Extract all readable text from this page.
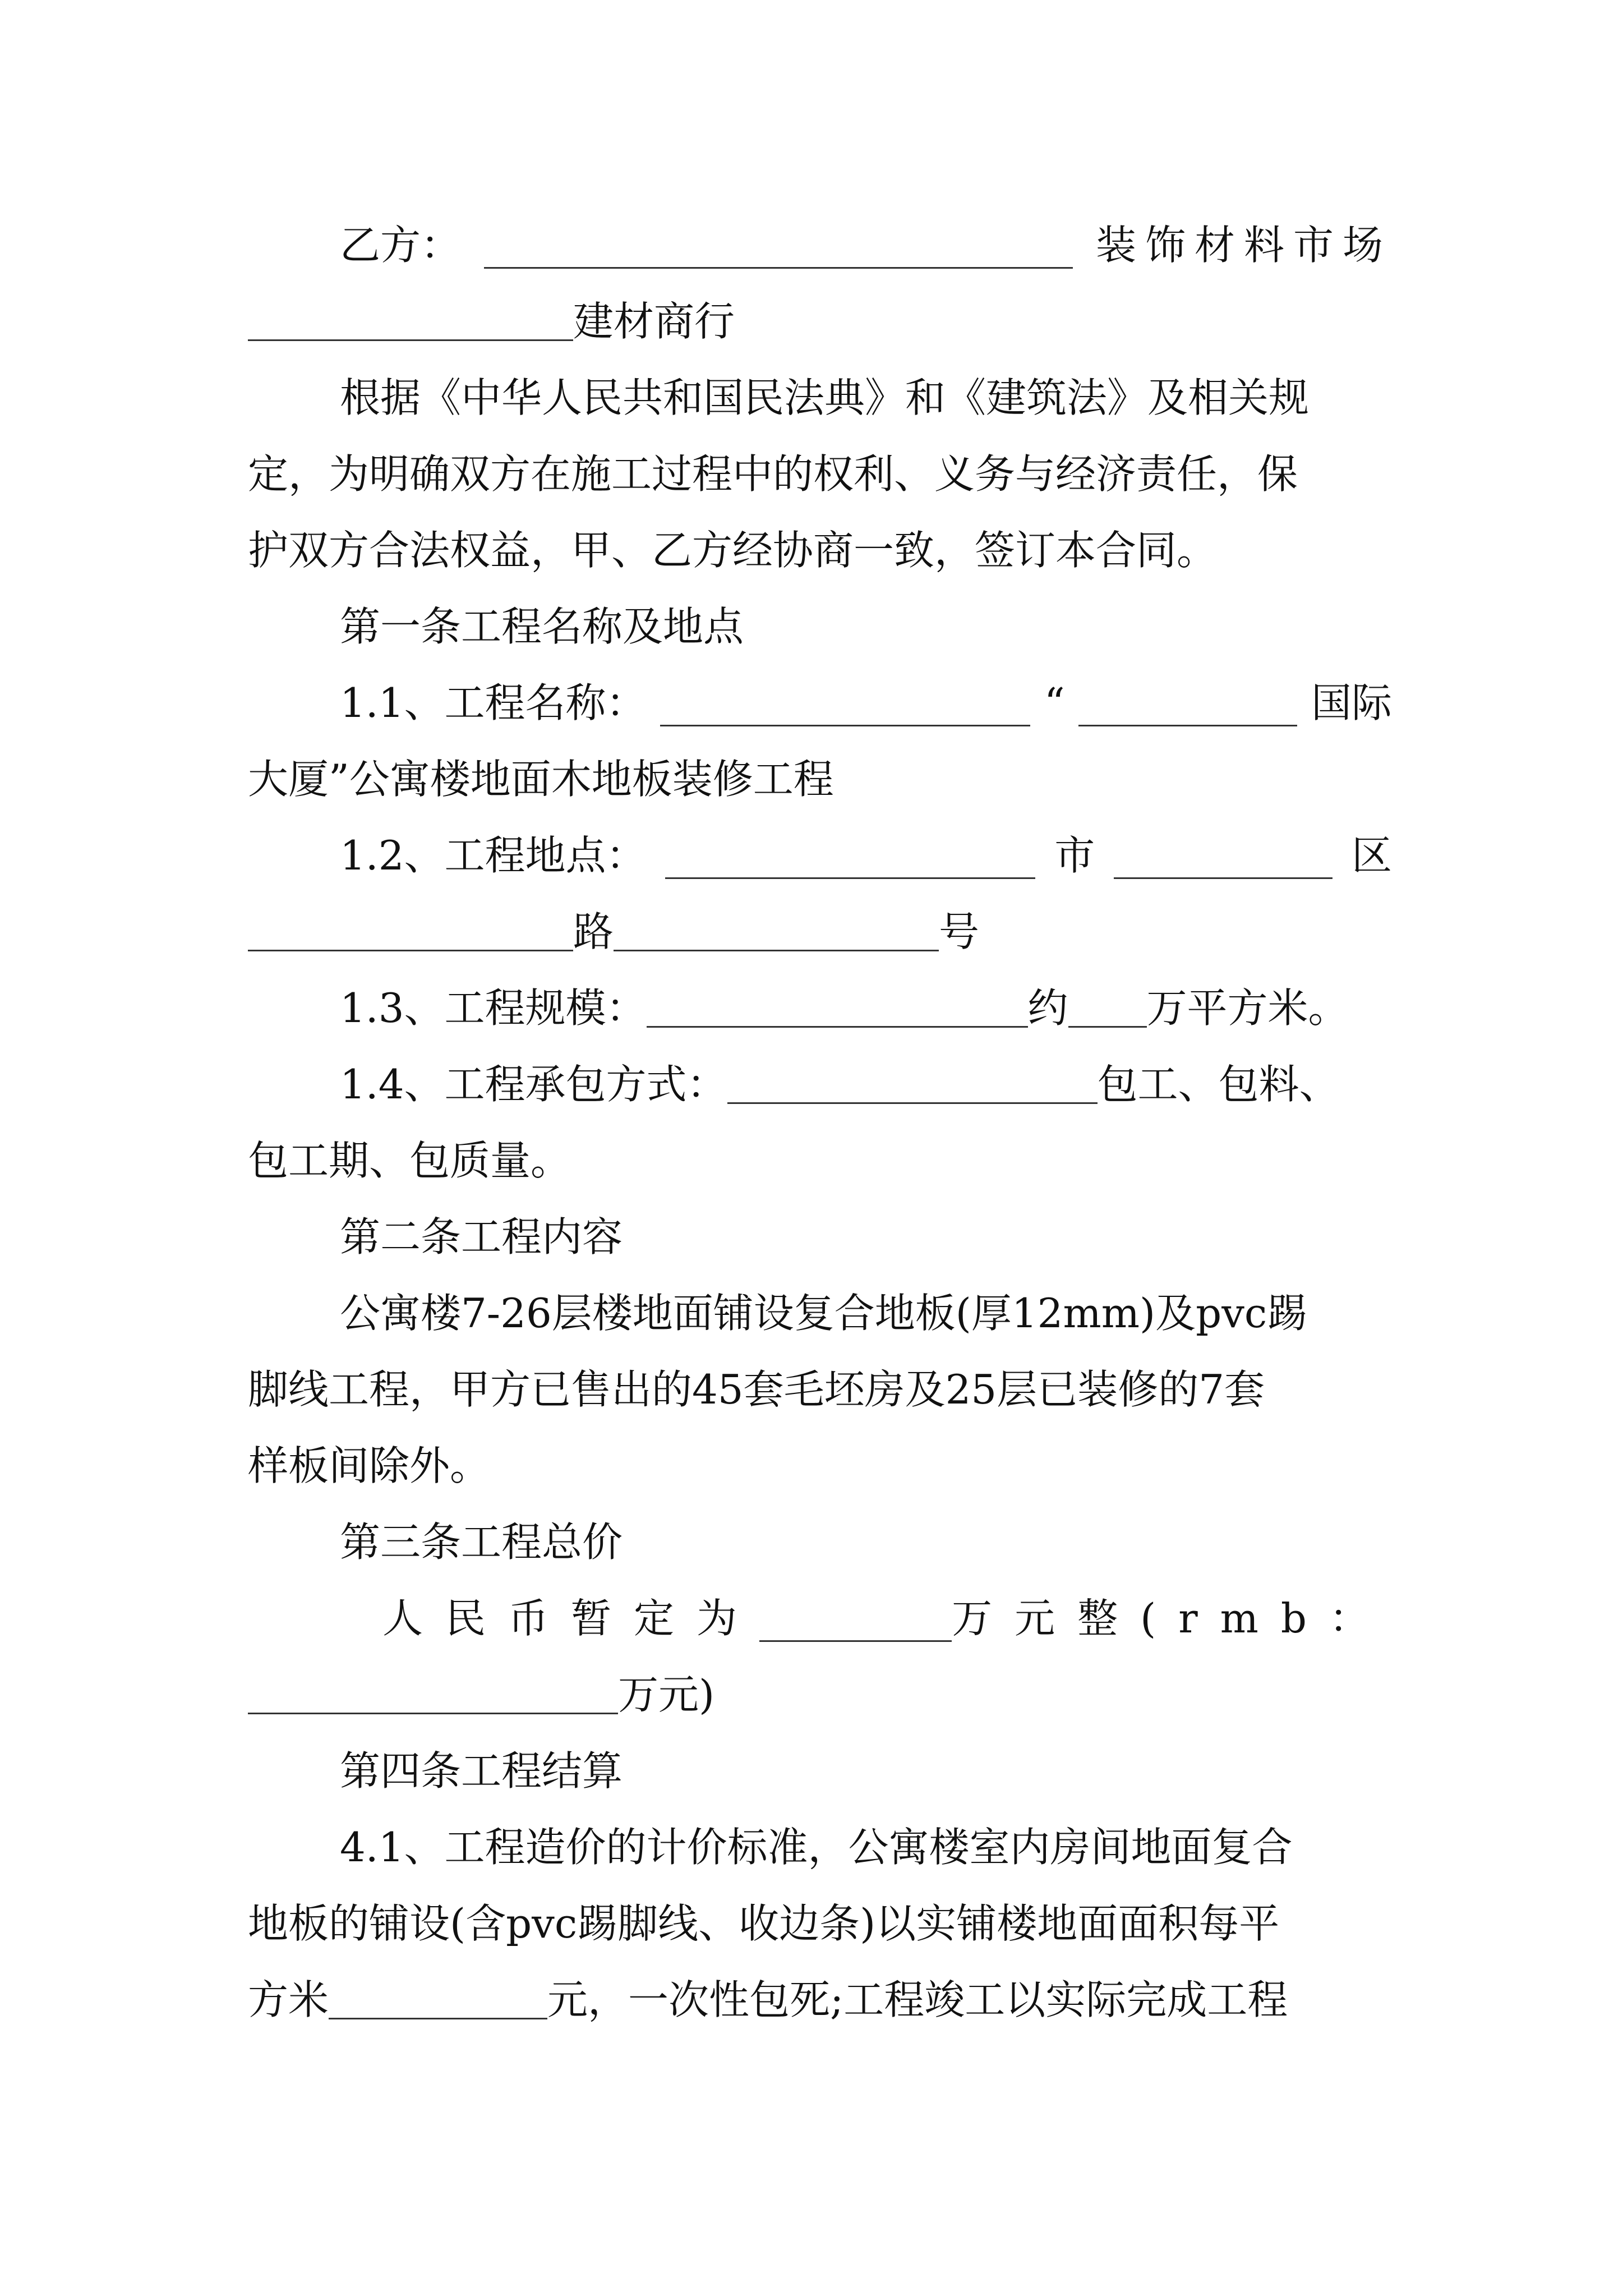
乙方：	装饰材料市场
建材商行
根据《中华人民共和国民法典》和《建筑法》及相关规
定，为明确双方在施工过程中的权利、义务与经济责任，保
护双方合法权益，甲、乙方经协商一致，签订本合同。
第一条工程名称及地点
1.1、工程名称：	“	国际
大厦”公寓楼地面木地板装修工程
1.2、工程地点：	市	区
路	号
1.3、工程规模：	约 万平方米。
1.4、工程承包方式：	包工、包料、
包工期、包质量。
第二条工程内容
公寓楼7-26层楼地面铺设复合地板(厚12mm)及pvc踢
脚线工程，甲方已售出的45套毛坯房及25层已装修的7套
样板间除外。
第三条工程总价
人民币暂定为	万元整(rmb：
万元)
第四条工程结算
4.1、工程造价的计价标准，公寓楼室内房间地面复合
地板的铺设(含pvc踢脚线、收边条)以实铺楼地面面积每平
方米	元，一次性包死;工程竣工以实际完成工程
